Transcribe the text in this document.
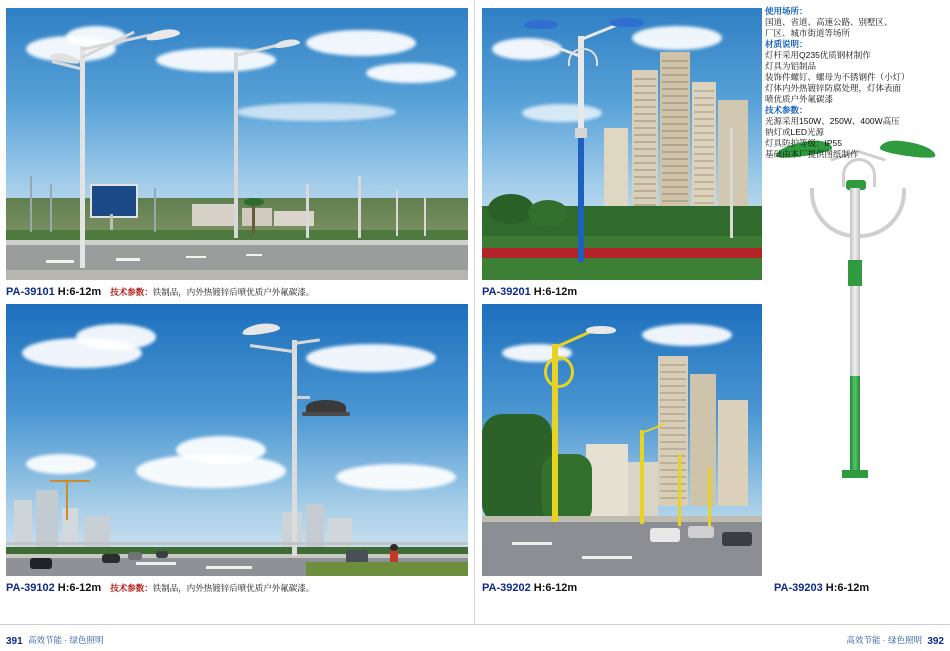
PA-39101 H:6-12m 技术参数：铁制品，内外热镀锌后喷优质户外氟碳漆。
PA-39102 H:6-12m 技术参数：铁制品，内外热镀锌后喷优质户外氟碳漆。
PA-39201 H:6-12m
PA-39202 H:6-12m	PA-39203 H:6-12m
使用场所：
国道、省道、高速公路、别墅区、
厂区、城市街道等场所
材质说明：
灯杆采用Q235优质钢材制作
灯具为铝制品
装饰件螺钉、螺母为不锈钢件（小灯）
灯体内外热镀锌防腐处理，灯体表面
喷优质户外氟碳漆
技术参数：
光源采用150W、250W、400W高压
钠灯或LED光源
灯具防护等级：IP55
基础由本厂提供图纸制作
391 高效节能 · 绿色照明	高效节能 · 绿色照明 392
